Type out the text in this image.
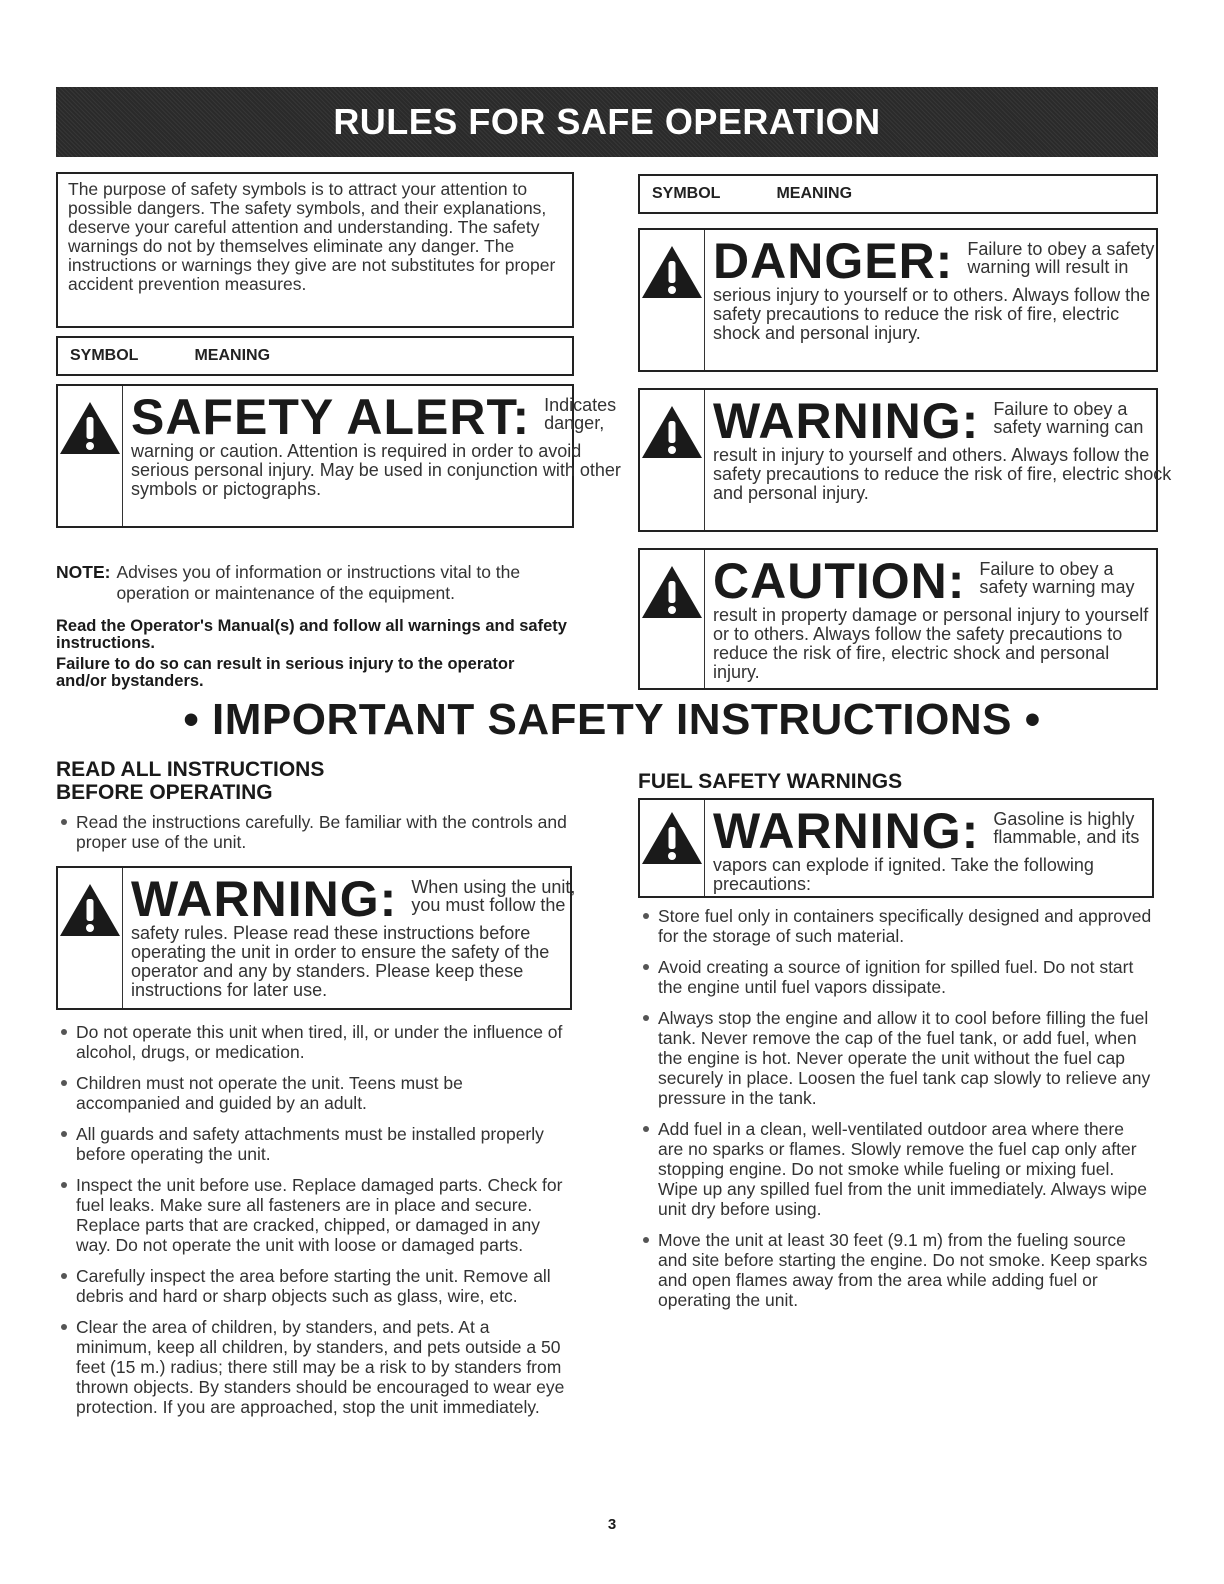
RULES FOR SAFE OPERATION
The purpose of safety symbols is to attract your attention to possible dangers. The safety symbols, and their explanations, deserve your careful attention and understanding. The safety warnings do not by themselves eliminate any danger. The instructions or warnings they give are not substitutes for proper accident prevention measures.
SYMBOL	MEANING
SAFETY ALERT: Indicates danger,
warning or caution. Attention is required in order to avoid serious personal injury. May be used in conjunction with other symbols or pictographs.
NOTE: Advises you of information or instructions vital to the operation or maintenance of the equipment.
Read the Operator's Manual(s) and follow all warnings and safety instructions.
Failure to do so can result in serious injury to the operator and/or bystanders.
SYMBOL	MEANING
DANGER: Failure to obey a safety warning will result in
serious injury to yourself or to others. Always follow the safety precautions to reduce the risk of fire, electric shock and personal injury.
WARNING: Failure to obey a safety warning can
result in injury to yourself and others. Always follow the safety precautions to reduce the risk of fire, electric shock and personal injury.
CAUTION: Failure to obey a safety warning may
result in property damage or personal injury to yourself or to others. Always follow the safety precautions to reduce the risk of fire, electric shock and personal injury.
• IMPORTANT SAFETY INSTRUCTIONS •
READ ALL INSTRUCTIONS
BEFORE OPERATING
Read the instructions carefully. Be familiar with the controls and proper use of the unit.
WARNING: When using the unit, you must follow the
safety rules. Please read these instructions before operating the unit in order to ensure the safety of the operator and any by standers. Please keep these instructions for later use.
Do not operate this unit when tired, ill, or under the influence of alcohol, drugs, or medication.
Children must not operate the unit. Teens must be accompanied and guided by an adult.
All guards and safety attachments must be installed properly before operating the unit.
Inspect the unit before use. Replace damaged parts. Check for fuel leaks. Make sure all fasteners are in place and secure. Replace parts that are cracked, chipped, or damaged in any way. Do not operate the unit with loose or damaged parts.
Carefully inspect the area before starting the unit. Remove all debris and hard or sharp objects such as glass, wire, etc.
Clear the area of children, by standers, and pets. At a minimum, keep all children, by standers, and pets outside a 50 feet (15 m.) radius; there still may be a risk to by standers from thrown objects. By standers should be encouraged to wear eye protection. If you are approached, stop the unit immediately.
FUEL SAFETY WARNINGS
WARNING: Gasoline is highly flammable, and its
vapors can explode if ignited. Take the following precautions:
Store fuel only in containers specifically designed and approved for the storage of such material.
Avoid creating a source of ignition for spilled fuel. Do not start the engine until fuel vapors dissipate.
Always stop the engine and allow it to cool before filling the fuel tank. Never remove the cap of the fuel tank, or add fuel, when the engine is hot. Never operate the unit without the fuel cap securely in place. Loosen the fuel tank cap slowly to relieve any pressure in the tank.
Add fuel in a clean, well-ventilated outdoor area where there are no sparks or flames. Slowly remove the fuel cap only after stopping engine. Do not smoke while fueling or mixing fuel. Wipe up any spilled fuel from the unit immediately. Always wipe unit dry before using.
Move the unit at least 30 feet (9.1 m) from the fueling source and site before starting the engine. Do not smoke. Keep sparks and open flames away from the area while adding fuel or operating the unit.
3
